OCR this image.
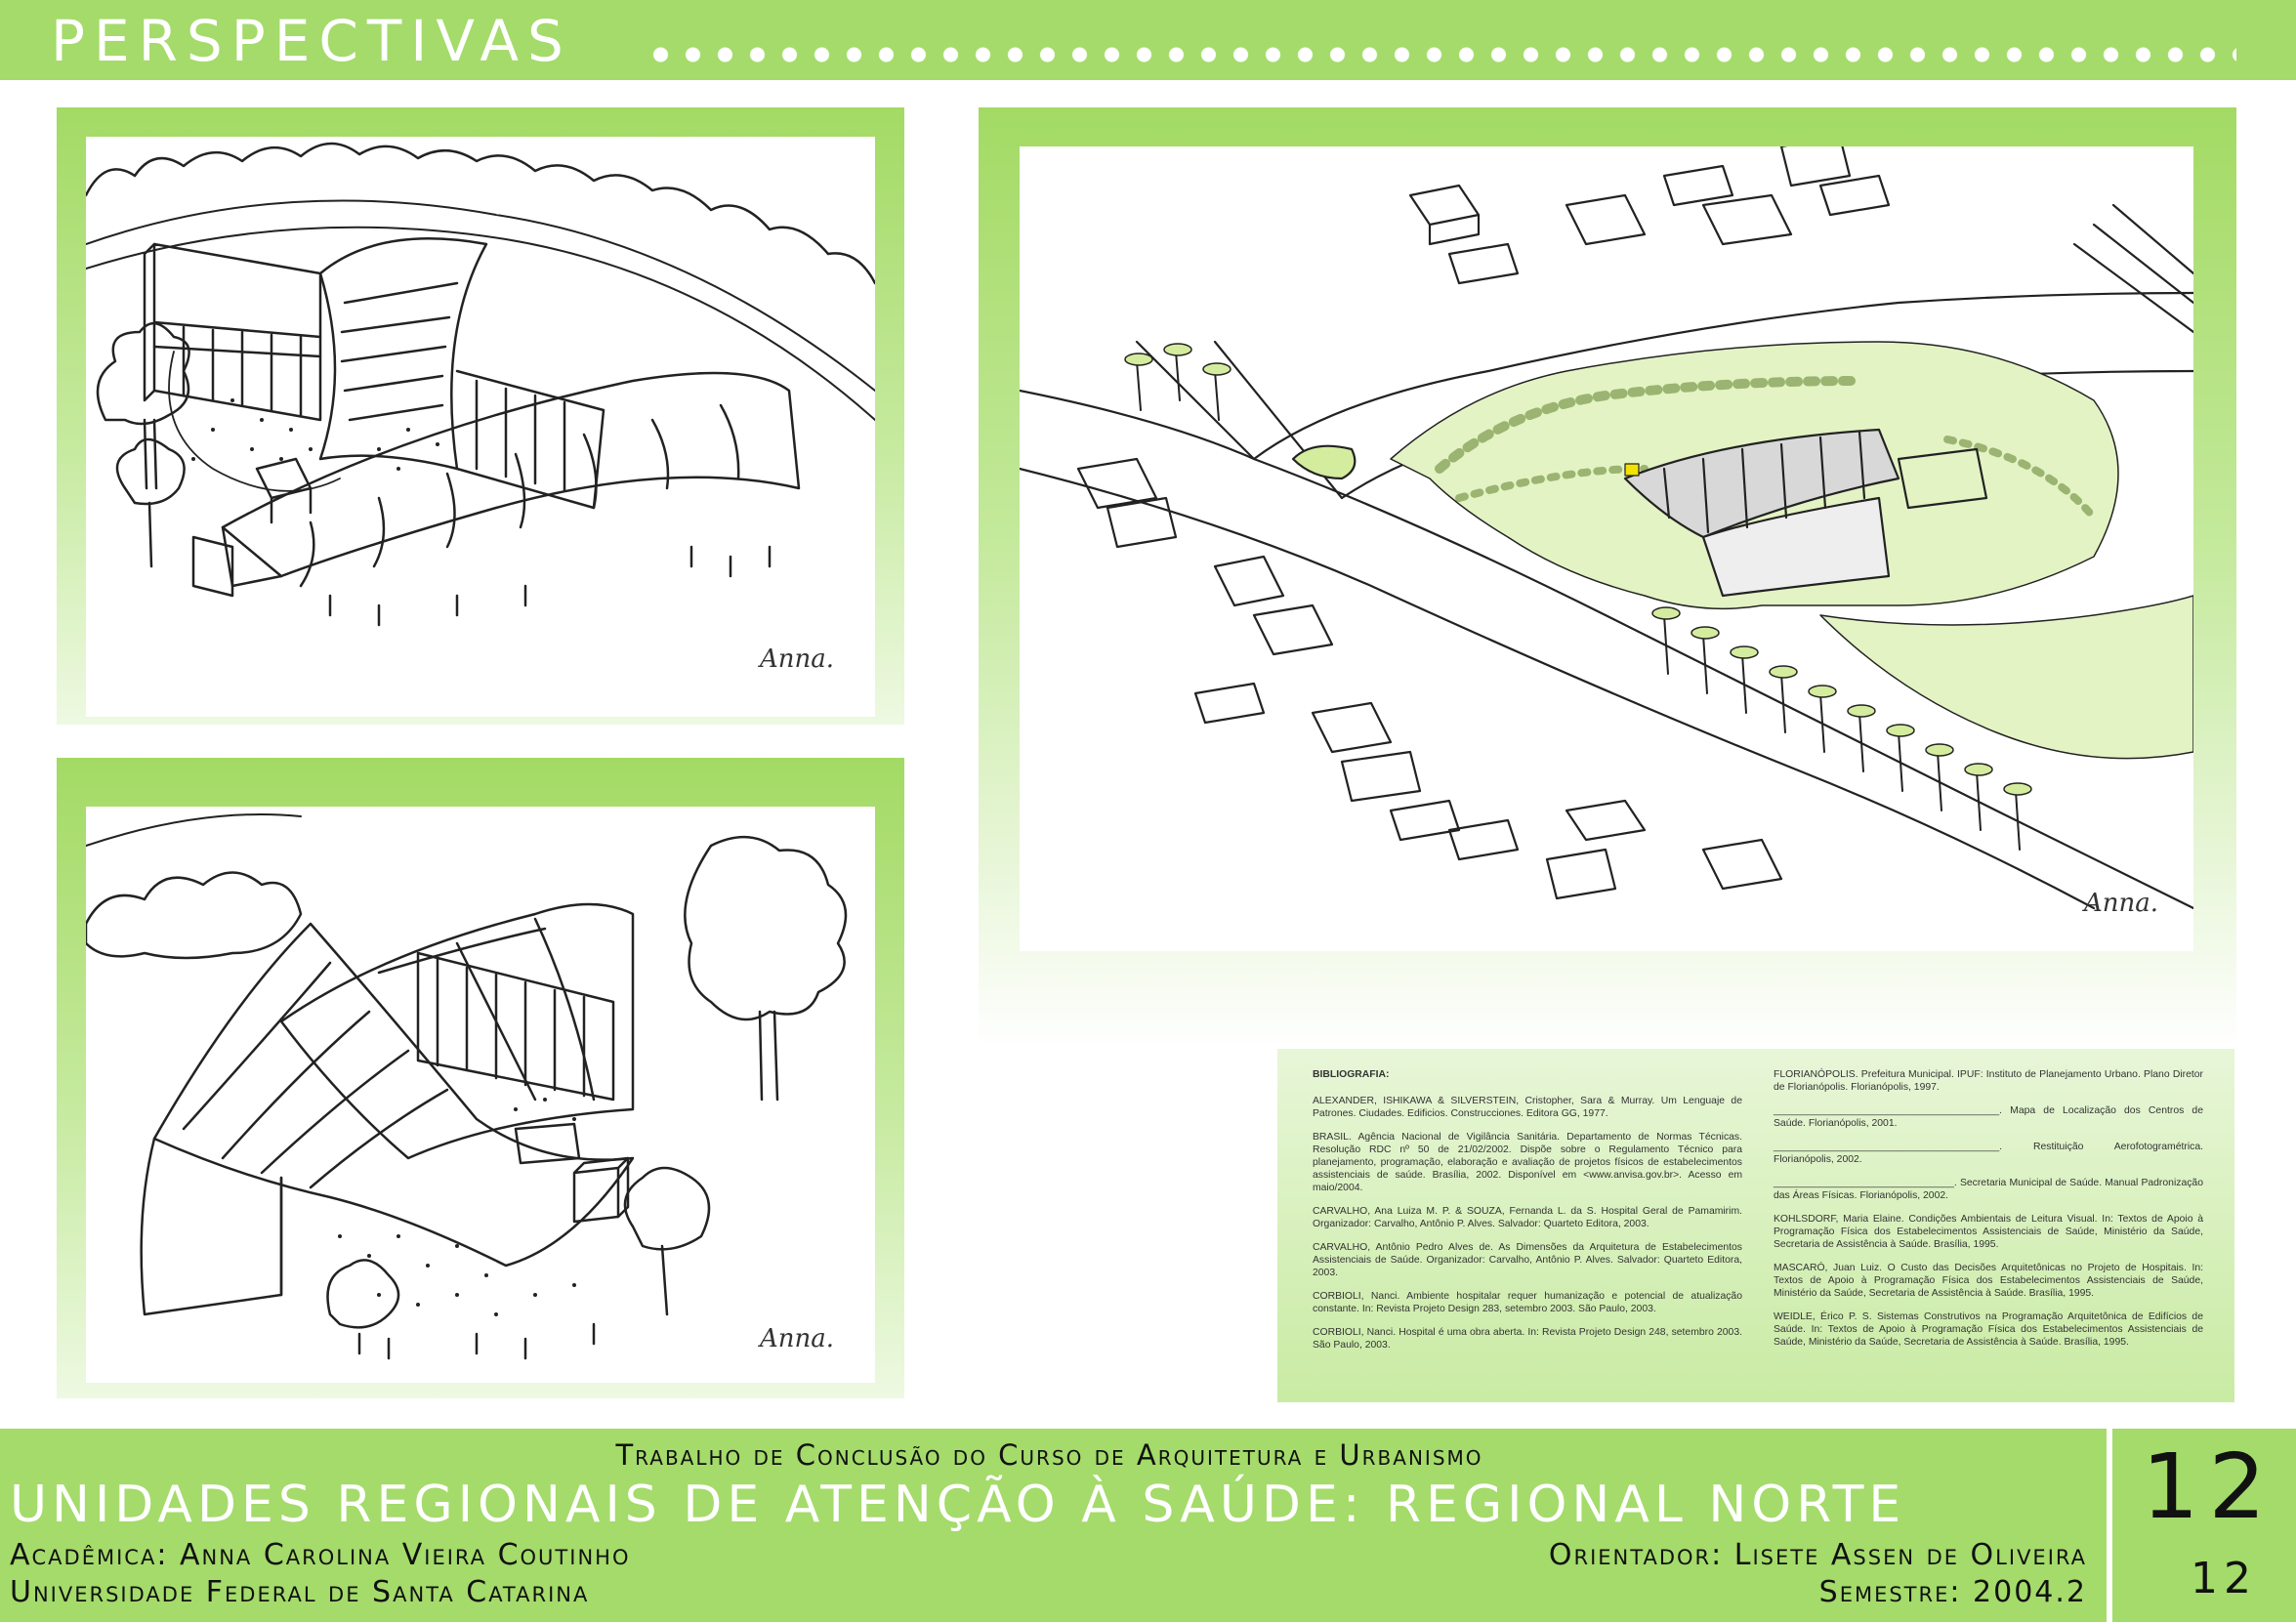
PERSPECTIVAS
Anna.
Anna.
Anna.

BIBLIOGRAFIA:

ALEXANDER, ISHIKAWA & SILVERSTEIN, Cristopher, Sara & Murray. Um Lenguaje de Patrones. Ciudades. Edificios. Construcciones. Editora GG, 1977.

BRASIL. Agência Nacional de Vigilância Sanitária. Departamento de Normas Técnicas. Resolução RDC nº 50 de 21/02/2002. Dispõe sobre o Regulamento Técnico para planejamento, programação, elaboração e avaliação de projetos físicos de estabelecimentos assistenciais de saúde. Brasília, 2002. Disponível em <www.anvisa.gov.br>. Acesso em maio/2004.

CARVALHO, Ana Luiza M. P. & SOUZA, Fernanda L. da S. Hospital Geral de Pamamirim. Organizador: Carvalho, Antônio P. Alves. Salvador: Quarteto Editora, 2003.

CARVALHO, Antônio Pedro Alves de. As Dimensões da Arquitetura de Estabelecimentos Assistenciais de Saúde. Organizador: Carvalho, Antônio P. Alves. Salvador: Quarteto Editora, 2003.

CORBIOLI, Nanci. Ambiente hospitalar requer humanização e potencial de atualização constante. In: Revista Projeto Design 283, setembro 2003. São Paulo, 2003.

CORBIOLI, Nanci. Hospital é uma obra aberta. In: Revista Projeto Design 248, setembro 2003. São Paulo, 2003.

FLORIANÓPOLIS. Prefeitura Municipal. IPUF: Instituto de Planejamento Urbano. Plano Diretor de Florianópolis. Florianópolis, 1997.

________________________________________. Mapa de Localização dos Centros de Saúde. Florianópolis, 2001.

________________________________________. Restituição Aerofotogramétrica. Florianópolis, 2002.

________________________________. Secretaria Municipal de Saúde. Manual Padronização das Áreas Físicas. Florianópolis, 2002.

KOHLSDORF, Maria Elaine. Condições Ambientais de Leitura Visual. In: Textos de Apoio à Programação Física dos Estabelecimentos Assistenciais de Saúde, Ministério da Saúde, Secretaria de Assistência à Saúde. Brasília, 1995.

MASCARÓ, Juan Luiz. O Custo das Decisões Arquitetônicas no Projeto de Hospitais. In: Textos de Apoio à Programação Física dos Estabelecimentos Assistenciais de Saúde, Ministério da Saúde, Secretaria de Assistência à Saúde. Brasília, 1995.

WEIDLE, Érico P. S. Sistemas Construtivos na Programação Arquitetônica de Edifícios de Saúde. In: Textos de Apoio à Programação Física dos Estabelecimentos Assistenciais de Saúde, Ministério da Saúde, Secretaria de Assistência à Saúde. Brasília, 1995.

Trabalho de Conclusão do Curso de Arquitetura e Urbanismo
UNIDADES REGIONAIS DE ATENÇÃO À SAÚDE: REGIONAL NORTE
Acadêmica: Anna Carolina Vieira Coutinho
Universidade Federal de Santa Catarina
Orientador: Lisete Assen de Oliveira
Semestre: 2004.2
12
12
